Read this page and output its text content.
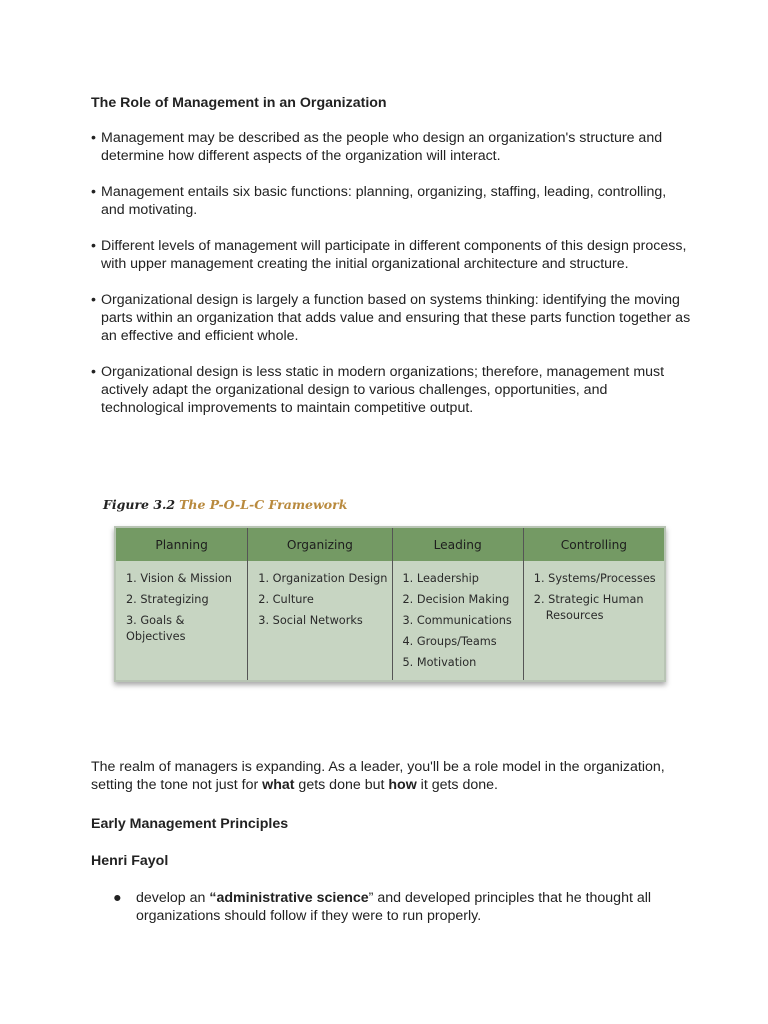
The Role of Management in an Organization

• Management may be described as the people who design an organization's structure and determine how different aspects of the organization will interact.
• Management entails six basic functions: planning, organizing, staffing, leading, controlling, and motivating.
• Different levels of management will participate in different components of this design process, with upper management creating the initial organizational architecture and structure.
• Organizational design is largely a function based on systems thinking: identifying the moving parts within an organization that adds value and ensuring that these parts function together as an effective and efficient whole.
• Organizational design is less static in modern organizations; therefore, management must actively adapt the organizational design to various challenges, opportunities, and technological improvements to maintain competitive output.
Figure 3.2 The P-O-L-C Framework
Planning
1. Vision & Mission
2. Strategizing
3. Goals & Objectives
Organizing
1. Organization Design
2. Culture
3. Social Networks
Leading
1. Leadership
2. Decision Making
3. Communications
4. Groups/Teams
5. Motivation
Controlling
1. Systems/Processes
2. Strategic Human Resources

The realm of managers is expanding. As a leader, you'll be a role model in the organization, setting the tone not just for what gets done but how it gets done.

Early Management Principles

Henri Fayol

● develop an “administrative science” and developed principles that he thought all organizations should follow if they were to run properly.
